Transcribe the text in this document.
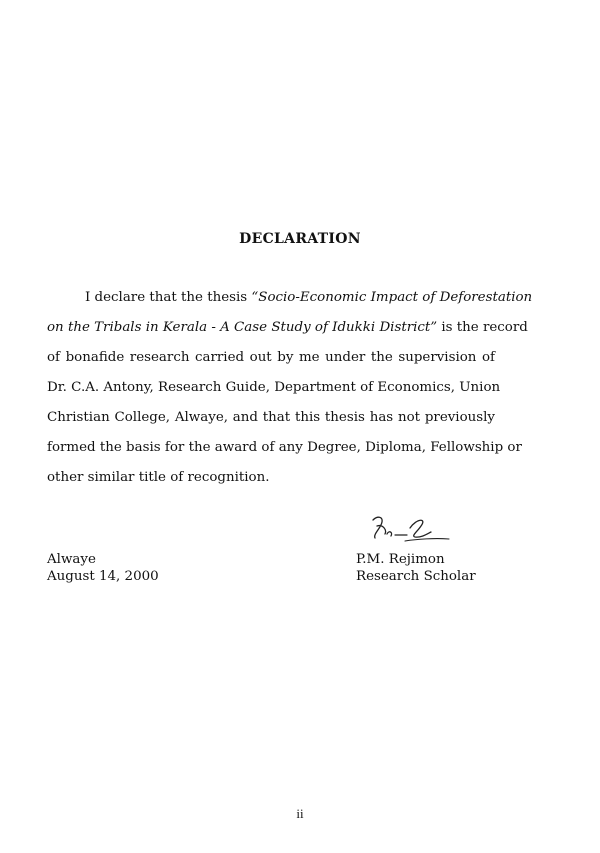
DECLARATION
I declare that the thesis “Socio-Economic Impact of Deforestation
on the Tribals in Kerala - A Case Study of Idukki District” is the record
of bonafide research carried out by me under the supervision of
Dr. C.A. Antony, Research Guide, Department of Economics, Union
Christian College, Alwaye, and that this thesis has not previously
formed the basis for the award of any Degree, Diploma, Fellowship or
other similar title of recognition.
Alwaye
August 14, 2000
P.M. Rejimon
Research Scholar
ii
